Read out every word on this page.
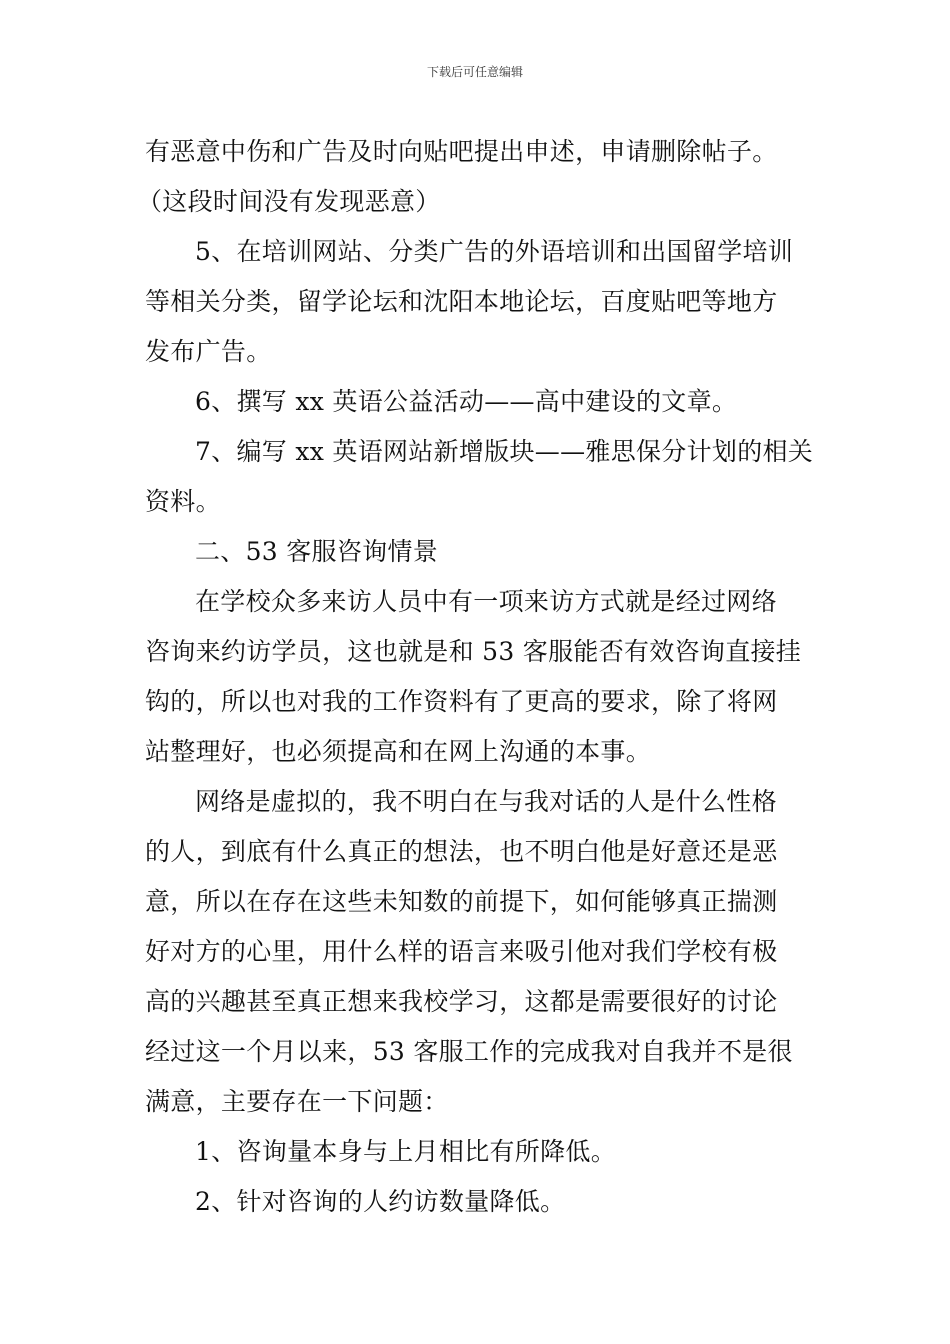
下载后可任意编辑
有恶意中伤和广告及时向贴吧提出申述，申请删除帖子。
（这段时间没有发现恶意）
5、在培训网站、分类广告的外语培训和出国留学培训
等相关分类，留学论坛和沈阳本地论坛，百度贴吧等地方
发布广告。
6、撰写 xx 英语公益活动——高中建设的文章。
7、编写 xx 英语网站新增版块——雅思保分计划的相关
资料。
二、53 客服咨询情景
在学校众多来访人员中有一项来访方式就是经过网络
咨询来约访学员，这也就是和 53 客服能否有效咨询直接挂
钩的，所以也对我的工作资料有了更高的要求，除了将网
站整理好，也必须提高和在网上沟通的本事。
网络是虚拟的，我不明白在与我对话的人是什么性格
的人，到底有什么真正的想法，也不明白他是好意还是恶
意，所以在存在这些未知数的前提下，如何能够真正揣测
好对方的心里，用什么样的语言来吸引他对我们学校有极
高的兴趣甚至真正想来我校学习，这都是需要很好的讨论
经过这一个月以来，53 客服工作的完成我对自我并不是很
满意，主要存在一下问题：
1、咨询量本身与上月相比有所降低。
2、针对咨询的人约访数量降低。
